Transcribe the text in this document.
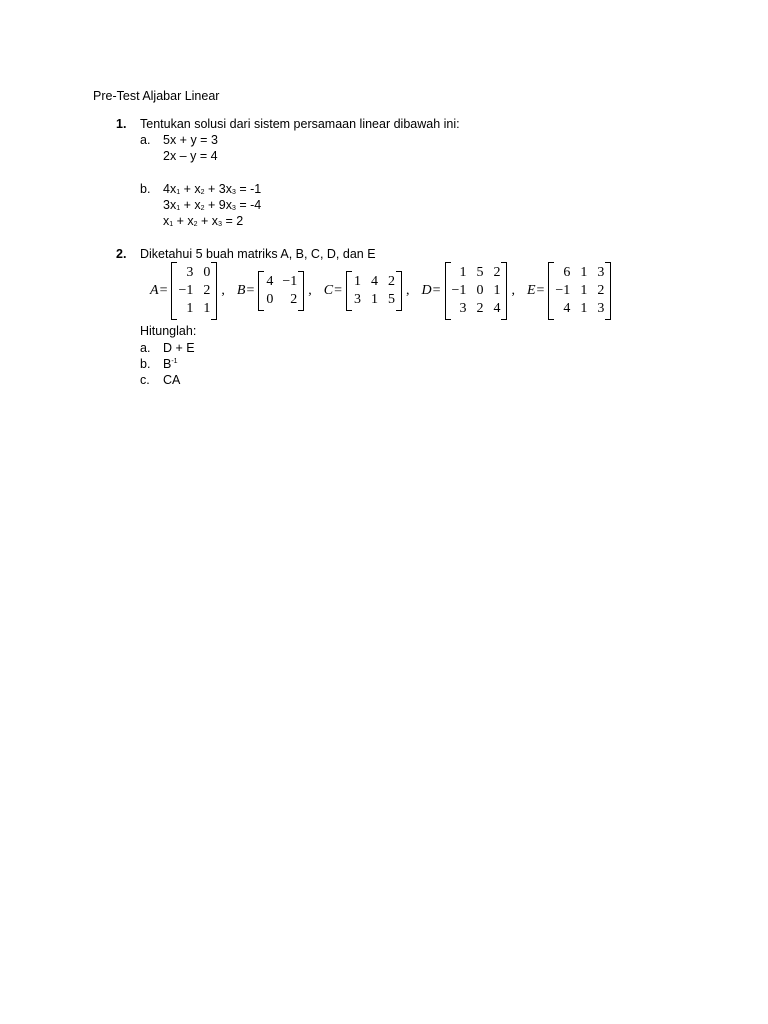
Pre-Test Aljabar Linear
1. Tentukan solusi dari sistem persamaan linear dibawah ini:
a. 5x + y = 3
2x – y = 4
b. $4x_1 + x_2 + 3x_3 = -1$
$3x_1 + x_2 + 9x_3 = -4$
$x_1 + x_2 + x_3 = 2$
2. Diketahui 5 buah matriks A, B, C, D, dan E
A =
3 0
−1 2
1 1
, B =
4 −1
0	2
, C =
1 4 2
3 1 5
, D =
1 5 2
−1 0 1
3 2 4
, E =
6 1 3
−1 1 2
4 1 3
Hitunglah:
a. D + E
b. $B^{-1}$
c. CA
